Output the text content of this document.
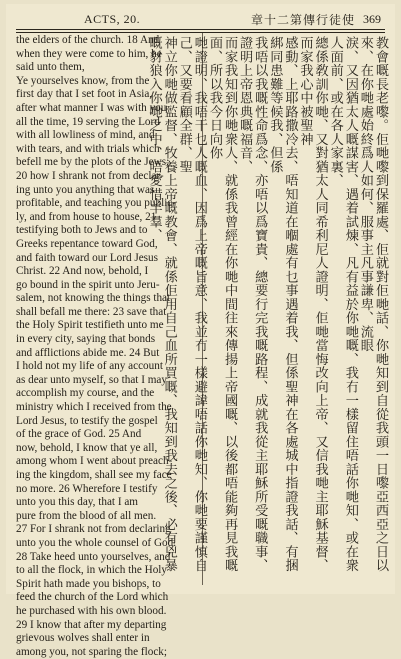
ACTS, 20.	章十二第傳行徒使 369
the elders of the church. 18 And
when they were come to him, he
said unto them,
Ye yourselves know, from the
first day that I set foot in Asia,
after what manner I was with you
all the time, 19 serving the Lord
with all lowliness of mind, and
with tears, and with trials which
befell me by the plots of the Jews;
20 how I shrank not from declar-
ing unto you anything that was
profitable, and teaching you public-
ly, and from house to house, 21
testifying both to Jews and to
Greeks repentance toward God,
and faith toward our Lord Jesus
Christ. 22 And now, behold, I
go bound in the spirit unto Jeru-
salem, not knowing the things that
shall befall me there: 23 save that
the Holy Spirit testifieth unto me
in every city, saying that bonds
and afflictions abide me. 24 But
I hold not my life of any account
as dear unto myself, so that I may
accomplish my course, and the
ministry which I received from the
Lord Jesus, to testify the gospel
of the grace of God. 25 And
now, behold, I know that ye all,
among whom I went about preach-
ing the kingdom, shall see my face
no more. 26 Wherefore I testify
unto you this day, that I am
pure from the blood of all men.
27 For I shrank not from declaring
unto you the whole counsel of God.
28 Take heed unto yourselves, and
to all the flock, in which the Holy
Spirit hath made you bishops, to
feed the church of the Lord which
he purchased with his own blood.
29 I know that after my departing
grievous wolves shall enter in
among you, not sparing the flock;
教會嘅長老嚟。佢哋嚟到保羅處、佢就對佢哋話、你哋知到自從我頭一日嚟亞西亞之日以來、在你哋處始終爲人如何、服事主凡事謙卑、流眼
淚、又因猶太人嘅謀害、遇着試煉、凡有益於你哋嘅、我冇一樣留住唔話你哋知、或在衆人面前、或在各人家裏、
總係敎訓你哋、又對猶太人同希利尼人證明、佢哋當悔改向上帝、又信我哋主耶穌基督、而家我心中被聖神
感動、上耶路撒冷去、唔知道在嗰處有乜事遇着我、但係聖神在各處城中指證我話、有捆綁同患難等候我、但係
我唔以我嘅性命爲念、亦唔以爲寶貴、總要行完我嘅路程、成就我從主耶穌所受嘅職事、證明上帝恩典嘅福音、
而家我知到你哋衆人、就係我曾經在你哋中間往來傳揚上帝國嘅、以後都唔能夠再見我嘅面、所以我今日向你
哋證明、我唔干乜人嘅血、因爲上帝嘅旨意、我並冇一樣避諱唔話你哋知、你哋要謹慎自己、又要看顧全群、聖
神立你哋做監督、牧養上帝嘅教會、就係佢用自己血所買嘅、我知到我去之後、必有兇暴嘅豺狼入你哋之中、唔愛惜羊羣、
